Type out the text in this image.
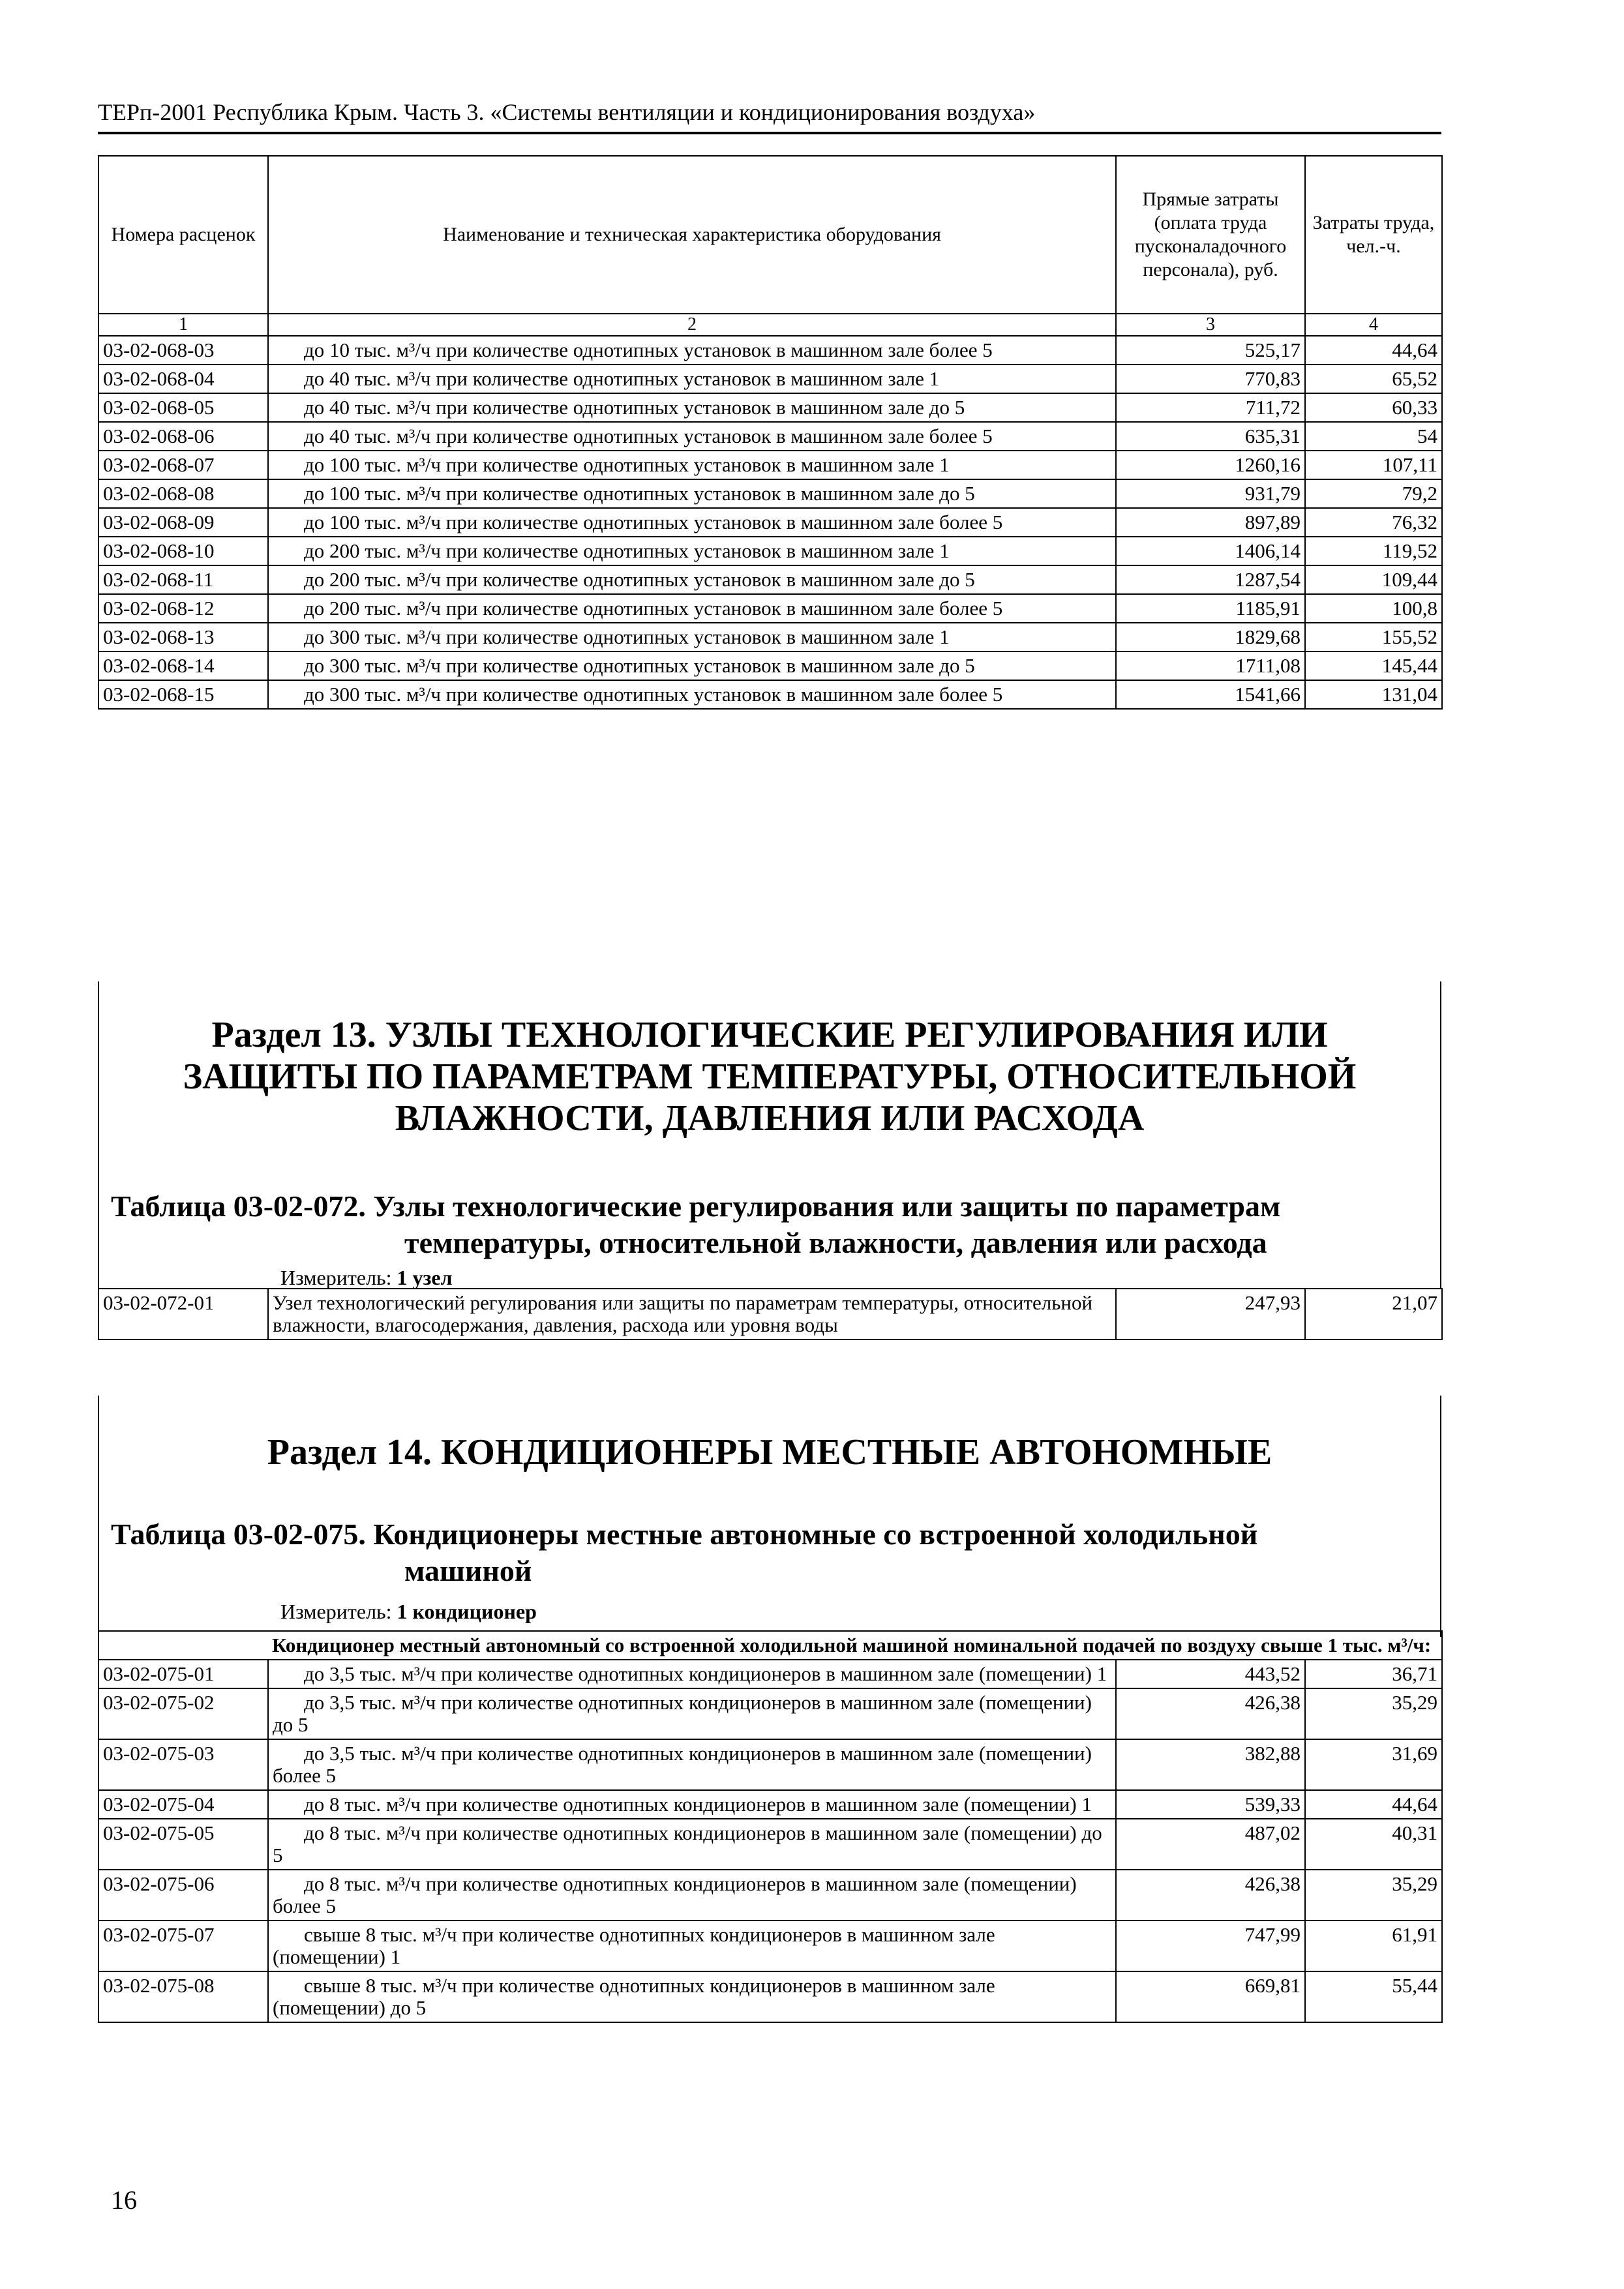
ТЕРп-2001 Республика Крым. Часть 3. «Системы вентиляции и кондиционирования воздуха»
Номера расценок	Наименование и техническая характеристика оборудования	Прямые затраты (оплата труда пусконаладочного персонала), руб.	Затраты труда, чел.-ч.
1	2	3	4
03-02-068-03	до 10 тыс. м³/ч при количестве однотипных установок в машинном зале более 5	525,17	44,64
03-02-068-04	до 40 тыс. м³/ч при количестве однотипных установок в машинном зале 1	770,83	65,52
03-02-068-05	до 40 тыс. м³/ч при количестве однотипных установок в машинном зале до 5	711,72	60,33
03-02-068-06	до 40 тыс. м³/ч при количестве однотипных установок в машинном зале более 5	635,31	54
03-02-068-07	до 100 тыс. м³/ч при количестве однотипных установок в машинном зале 1	1260,16	107,11
03-02-068-08	до 100 тыс. м³/ч при количестве однотипных установок в машинном зале до 5	931,79	79,2
03-02-068-09	до 100 тыс. м³/ч при количестве однотипных установок в машинном зале более 5	897,89	76,32
03-02-068-10	до 200 тыс. м³/ч при количестве однотипных установок в машинном зале 1	1406,14	119,52
03-02-068-11	до 200 тыс. м³/ч при количестве однотипных установок в машинном зале до 5	1287,54	109,44
03-02-068-12	до 200 тыс. м³/ч при количестве однотипных установок в машинном зале более 5	1185,91	100,8
03-02-068-13	до 300 тыс. м³/ч при количестве однотипных установок в машинном зале 1	1829,68	155,52
03-02-068-14	до 300 тыс. м³/ч при количестве однотипных установок в машинном зале до 5	1711,08	145,44
03-02-068-15	до 300 тыс. м³/ч при количестве однотипных установок в машинном зале более 5	1541,66	131,04
Раздел 13. УЗЛЫ ТЕХНОЛОГИЧЕСКИЕ РЕГУЛИРОВАНИЯ ИЛИ
ЗАЩИТЫ ПО ПАРАМЕТРАМ ТЕМПЕРАТУРЫ, ОТНОСИТЕЛЬНОЙ
ВЛАЖНОСТИ, ДАВЛЕНИЯ ИЛИ РАСХОДА
Таблица 03-02-072. Узлы технологические регулирования или защиты по параметрам
температуры, относительной влажности, давления или расхода
Измеритель: 1 узел
03-02-072-01	Узел технологический регулирования или защиты по параметрам температуры, относительной влажности, влагосодержания, давления, расхода или уровня воды	247,93	21,07
Раздел 14. КОНДИЦИОНЕРЫ МЕСТНЫЕ АВТОНОМНЫЕ
Таблица 03-02-075. Кондиционеры местные автономные со встроенной холодильной
машиной
Измеритель: 1 кондиционер
	Кондиционер местный автономный со встроенной холодильной машиной номинальной подачей по воздуху свыше 1 тыс. м³/ч:		
03-02-075-01	до 3,5 тыс. м³/ч при количестве однотипных кондиционеров в машинном зале (помещении) 1	443,52	36,71
03-02-075-02	до 3,5 тыс. м³/ч при количестве однотипных кондиционеров в машинном зале (помещении) до 5	426,38	35,29
03-02-075-03	до 3,5 тыс. м³/ч при количестве однотипных кондиционеров в машинном зале (помещении) более 5	382,88	31,69
03-02-075-04	до 8 тыс. м³/ч при количестве однотипных кондиционеров в машинном зале (помещении) 1	539,33	44,64
03-02-075-05	до 8 тыс. м³/ч при количестве однотипных кондиционеров в машинном зале (помещении) до 5	487,02	40,31
03-02-075-06	до 8 тыс. м³/ч при количестве однотипных кондиционеров в машинном зале (помещении) более 5	426,38	35,29
03-02-075-07	свыше 8 тыс. м³/ч при количестве однотипных кондиционеров в машинном зале (помещении) 1	747,99	61,91
03-02-075-08	свыше 8 тыс. м³/ч при количестве однотипных кондиционеров в машинном зале (помещении) до 5	669,81	55,44
16
